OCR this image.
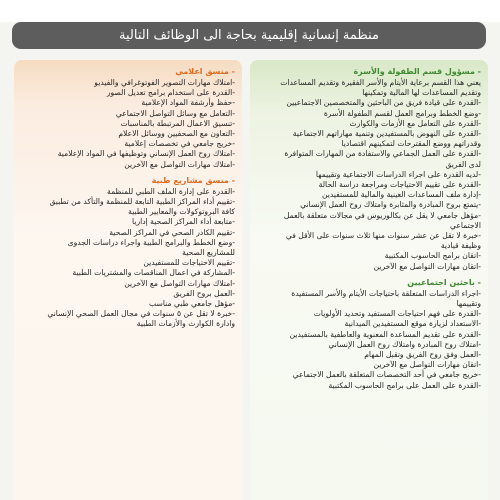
منظمة إنسانية إقليمية بحاجة الى الوظائف التالية
- مسؤول قسم الطفولة والأسرة
يعني هذا القسم برعاية الأيتام والأسر الفقيرة وتقديم المساعدات
وتقديم المساعدات لها المالية وتمكينها
-القدرة على قيادة فريق من الباحثين والمتخصصين الاجتماعيين
-وضع الخطط وبرامج العمل لقسم الطفولة الأسرة
-القدرة على التعامل مع الأزمات والكوارث
-القدرة على النهوض بالمستفيدين وتنمية مهاراتهم الاجتماعية
وقدراتهم ووضع المقترحات لتمكينهم اقتصاديا
-القدرة على العمل الجماعي والاستفادة من المهارات المتوافرة
لدى الفريق
-لديه القدرة على اجراء الدراسات الاجتماعية وتقييمها
-القدرة على تقييم الاحتياجات ومراجعة دراسة الحالة
-إدارة ملف المساعدات العينية والمالية للمستفيدين
-يتمتع بروح المبادرة والمثابرة وامتلاك روح العمل الإنساني
-مؤهل جامعي لا يقل عن بكالوريوس في مجالات متعلقة بالعمل
الاجتماعي
-خبرة لا تقل عن عشر سنوات منها ثلاث سنوات على الأقل في
وظيفة قيادية
-اتقان برامج الحاسوب المكتبية
-اتقان مهارات التواصل مع الآخرين
- باحثين اجتماعيين
-اجراء الدراسات المتعلقة باحتياجات الأيتام والأسر المستفيدة
وتقييمها
-القدرة على فهم احتياجات المستفيد وتحديد الأولويات
-الاستعداد لزيارة موقع المستفيدين الميدانية
-القدرة على تقديم المساعدة المعنوية والعاطفية بالمستفيدين
-امتلاك روح المبادرة وامتلاك روح العمل الإنساني
-العمل وفق روح الفريق وتقبل المهام
-اتقان مهارات التواصل مع الآخرين
-خريج جامعي في أحد التخصصات المتعلقة بالعمل الاجتماعي
-القدرة على العمل على برامج الحاسوب المكتبية
- منسق اعلامي
-امتلاك مهارات التصوير الفوتوغرافي والفيديو
-القدرة على استخدام برامج تعديل الصور
-حفظ وأرشفة المواد الإعلامية
-التعامل مع وسائل التواصل الاجتماعي
-تنسيق الاعمال المرتبطة بالمناسبات
-التعاون مع الصحفيين ووسائل الاعلام
-خريج جامعي في تخصصات إعلامية
-امتلاك روح العمل الإنساني وتوظيفها في المواد الإعلامية
-امتلاك مهارات التواصل مع الآخرين
- منسق مشاريع طبية
-القدرة على إدارة الملف الطبي للمنظمة
-تقييم أداء المراكز الطبية التابعة للمنظمة والتأكد من تطبيق
كافة البروتوكولات والمعايير الطبية
-متابعة أداء المراكز الصحية إداريا
-تقييم الكادر الصحي في المراكز الصحية
-وضع الخطط والبرامج الطبية واجراء دراسات الجدوى
للمشاريع الصحية
-تقييم الاحتياجات للمستفيدين
-المشاركة في اعمال المناقصات والمشتريات الطبية
-امتلاك مهارات التواصل مع الآخرين
-العمل بروح الفريق
-مؤهل جامعي طبي مناسب
-خبرة لا تقل عن ٥ سنوات في مجال العمل الصحي الإنساني
وادارة الكوارث والأزمات الطبية
